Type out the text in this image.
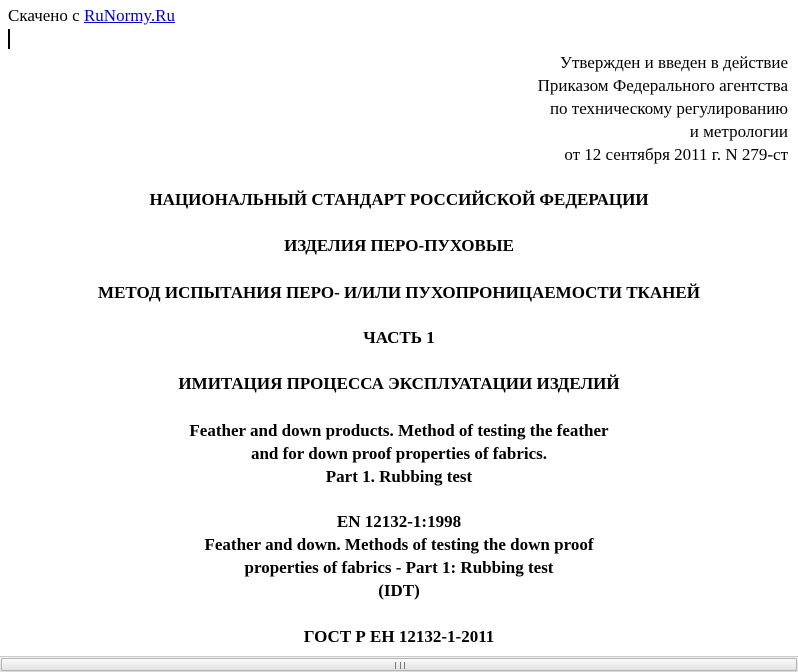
Скачено с RuNormy.Ru
Утвержден и введен в действие
Приказом Федерального агентства
по техническому регулированию
и метрологии
от 12 сентября 2011 г. N 279-ст
НАЦИОНАЛЬНЫЙ СТАНДАРТ РОССИЙСКОЙ ФЕДЕРАЦИИ
ИЗДЕЛИЯ ПЕРО-ПУХОВЫЕ
МЕТОД ИСПЫТАНИЯ ПЕРО- И/ИЛИ ПУХОПРОНИЦАЕМОСТИ ТКАНЕЙ
ЧАСТЬ 1
ИМИТАЦИЯ ПРОЦЕССА ЭКСПЛУАТАЦИИ ИЗДЕЛИЙ
Feather and down products. Method of testing the feather
and for down proof properties of fabrics.
Part 1. Rubbing test
EN 12132-1:1998
Feather and down. Methods of testing the down proof
properties of fabrics - Part 1: Rubbing test
(IDT)
ГОСТ Р ЕН 12132-1-2011
